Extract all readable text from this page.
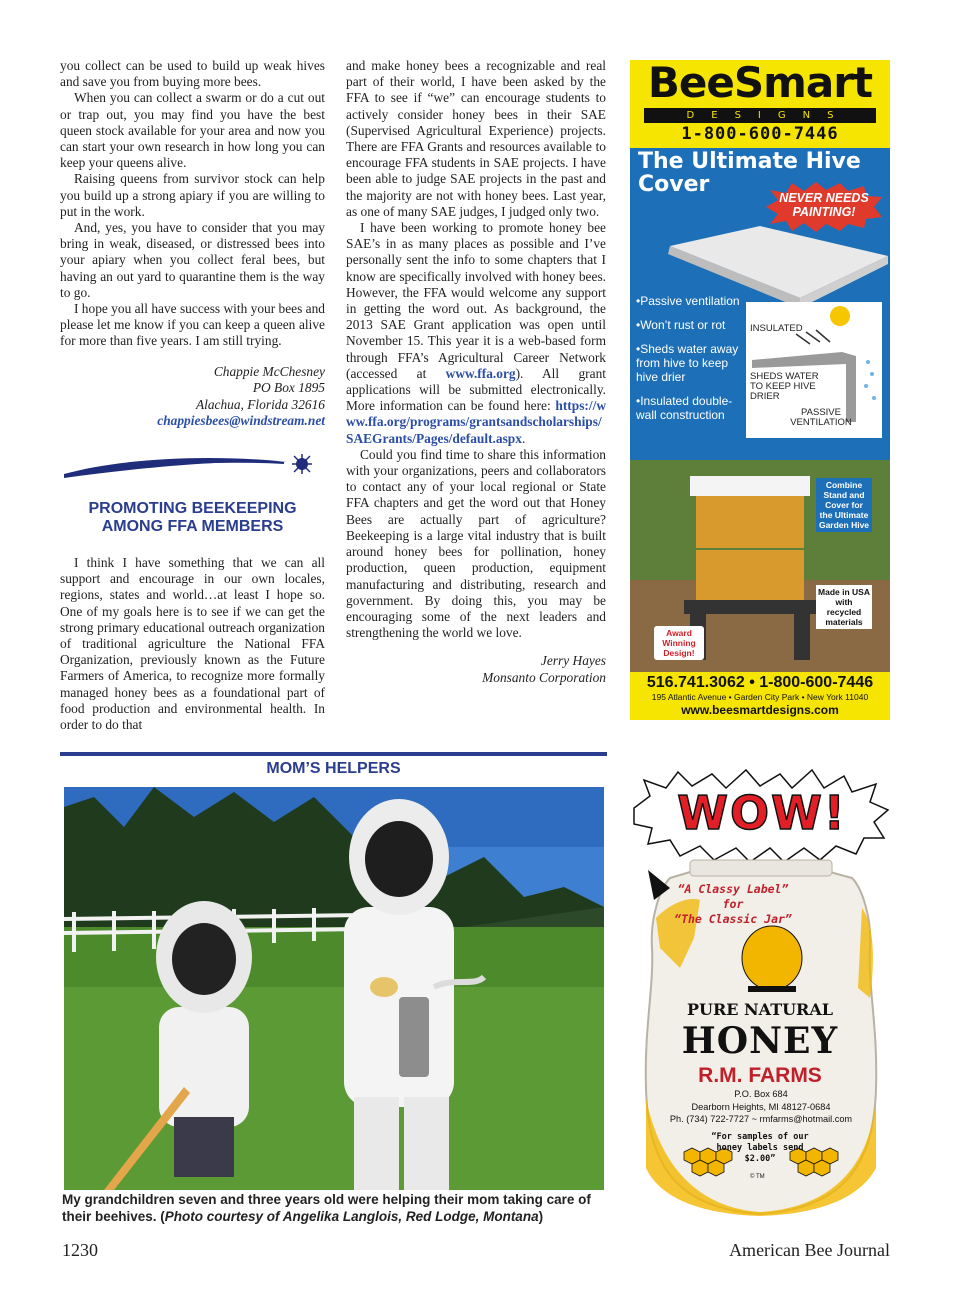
you collect can be used to build up weak hives and save you from buying more bees.

When you can collect a swarm or do a cut out or trap out, you may find you have the best queen stock available for your area and now you can start your own research in how long you can keep your queens alive.

Raising queens from survivor stock can help you build up a strong apiary if you are willing to put in the work.

And, yes, you have to consider that you may bring in weak, diseased, or distressed bees into your apiary when you collect feral bees, but having an out yard to quarantine them is the way to go.

I hope you all have success with your bees and please let me know if you can keep a queen alive for more than five years. I am still trying.

Chappie McChesney
PO Box 1895
Alachua, Florida 32616
chappiesbees@windstream.net
PROMOTING BEEKEEPING
AMONG FFA MEMBERS

I think I have something that we can all support and encourage in our own locales, regions, states and world…at least I hope so. One of my goals here is to see if we can get the strong primary educational outreach organization of traditional agriculture the National FFA Organization, previously known as the Future Farmers of America, to recognize more formally managed honey bees as a foundational part of food production and environmental health. In order to do that

and make honey bees a recognizable and real part of their world, I have been asked by the FFA to see if “we” can encourage students to actively consider honey bees in their SAE (Supervised Agricultural Experience) projects. There are FFA Grants and resources available to encourage FFA students in SAE projects. I have been able to judge SAE projects in the past and the majority are not with honey bees. Last year, as one of many SAE judges, I judged only two.

I have been working to promote honey bee SAE’s in as many places as possible and I’ve personally sent the info to some chapters that I know are specifically involved with honey bees. However, the FFA would welcome any support in getting the word out. As background, the 2013 SAE Grant application was open until November 15. This year it is a web-based form through FFA’s Agricultural Career Network (accessed at www.ffa.org). All grant applications will be submitted electronically. More information can be found here: https://www.ffa.org/programs/grantsandscholarships/SAEGrants/Pages/default.aspx.

Could you find time to share this information with your organizations, peers and collaborators to contact any of your local regional or State FFA chapters and get the word out that Honey Bees are actually part of agriculture? Beekeeping is a large vital industry that is built around honey bees for pollination, honey production, queen production, equipment manufacturing and distributing, research and government. By doing this, you may be encouraging some of the next leaders and strengthening the world we love.

Jerry Hayes
Monsanto Corporation
MOM’S HELPERS
My grandchildren seven and three years old were helping their mom taking care of their beehives. (Photo courtesy of Angelika Langlois, Red Lodge, Montana)
1230	American Bee Journal
BeeSmart
DESIGNS
1-800-600-7446
The Ultimate Hive
Cover
NEVER NEEDS PAINTING!
•Passive ventilation
•Won’t rust or rot
•Sheds water away from hive to keep hive drier
•Insulated double-wall construction
INSULATED
SHEDS WATER TO KEEP HIVE DRIER
PASSIVE VENTILATION
Combine Stand and Cover for the Ultimate Garden Hive
Made in USA with recycled materials
Award Winning Design!
516.741.3062 • 1-800-600-7446
195 Atlantic Avenue • Garden City Park • New York 11040
www.beesmartdesigns.com
WOW!
“A Classy Label”
for
“The Classic Jar”
PURE NATURAL
HONEY
R.M. FARMS
P.O. Box 684
Dearborn Heights, MI 48127-0684
Ph. (734) 722-7727 ~ rmfarms@hotmail.com
“For samples of our honey labels send $2.00”
© TM
